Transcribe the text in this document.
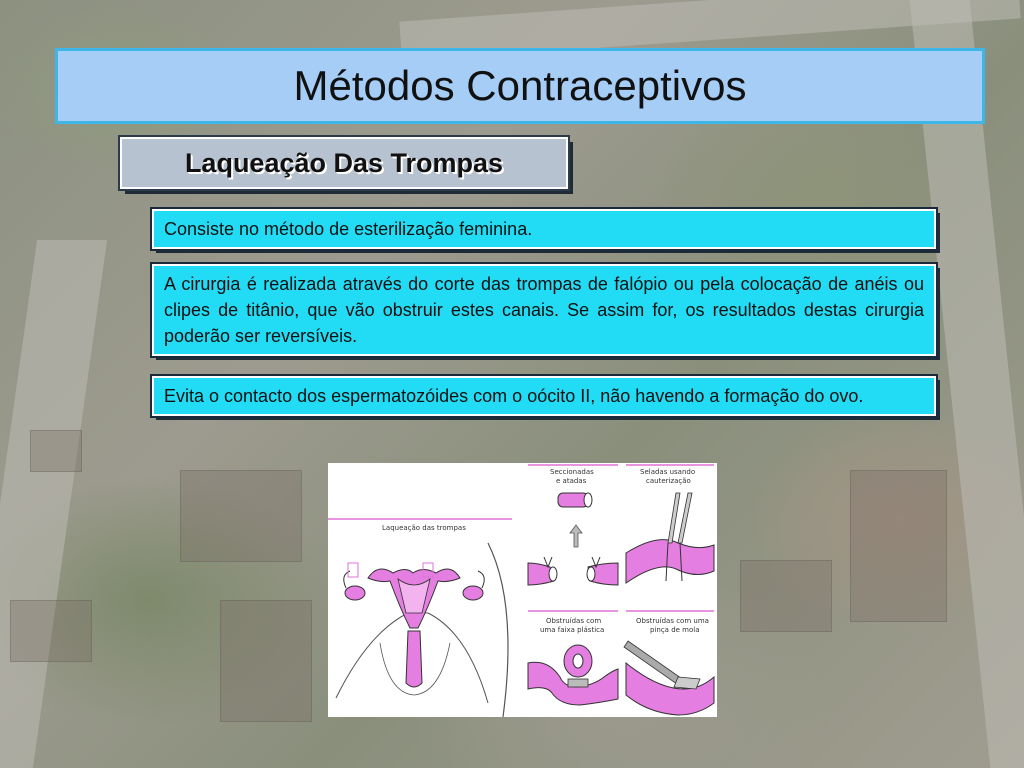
Métodos Contraceptivos
Laqueação Das Trompas
Consiste no método de esterilização feminina.
A cirurgia é realizada através do corte das trompas de falópio ou pela colocação de anéis ou clipes de titânio, que vão obstruir estes canais. Se assim for, os resultados destas cirurgia poderão ser reversíveis.
Evita o contacto dos espermatozóides com o oócito II, não havendo a formação do ovo.
Laqueação das trompas
Seccionadas
e atadas
Seladas usando
cauterização
Obstruídas com
uma faixa plástica
Obstruídas com uma
pinça de mola
